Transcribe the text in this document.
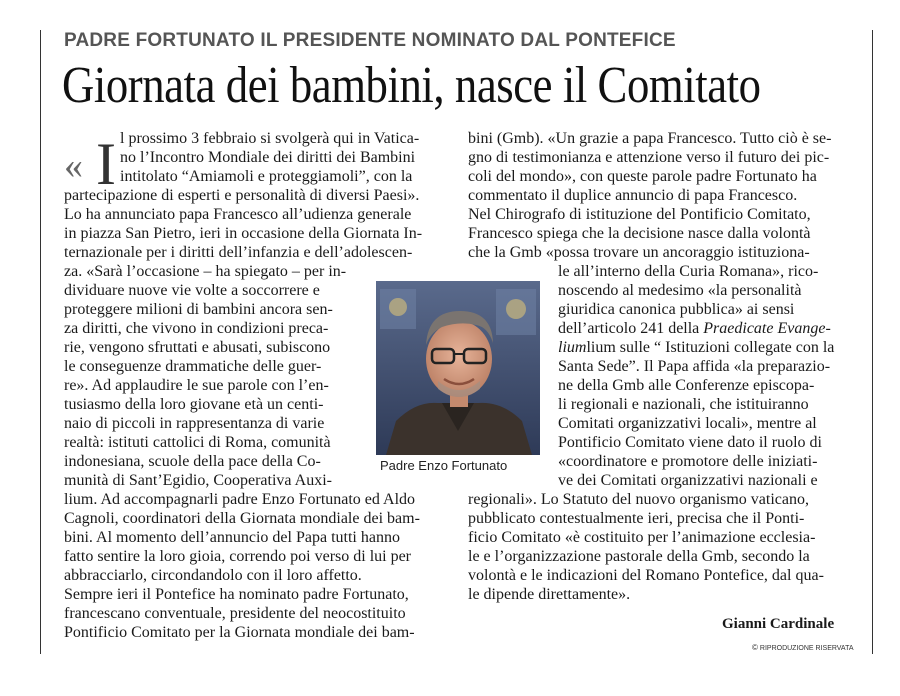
PADRE FORTUNATO IL PRESIDENTE NOMINATO DAL PONTEFICE
Giornata dei bambini, nasce il Comitato
« I l prossimo 3 febbraio si svolgerà qui in Vatica-
no l’Incontro Mondiale dei diritti dei Bambini
intitolato “Amiamoli e proteggiamoli”, con la
partecipazione di esperti e personalità di diversi Paesi».
Lo ha annunciato papa Francesco all’udienza generale
in piazza San Pietro, ieri in occasione della Giornata In-
ternazionale per i diritti dell’infanzia e dell’adolescen-
za. «Sarà l’occasione – ha spiegato – per in-
dividuare nuove vie volte a soccorrere e
proteggere milioni di bambini ancora sen-
za diritti, che vivono in condizioni preca-
rie, vengono sfruttati e abusati, subiscono
le conseguenze drammatiche delle guer-
re». Ad applaudire le sue parole con l’en-
tusiasmo della loro giovane età un centi-
naio di piccoli in rappresentanza di varie
realtà: istituti cattolici di Roma, comunità
indonesiana, scuole della pace della Co-
munità di Sant’Egidio, Cooperativa Auxi-
lium. Ad accompagnarli padre Enzo Fortunato ed Aldo
Cagnoli, coordinatori della Giornata mondiale dei bam-
bini. Al momento dell’annuncio del Papa tutti hanno
fatto sentire la loro gioia, correndo poi verso di lui per
abbracciarlo, circondandolo con il loro affetto.
Sempre ieri il Pontefice ha nominato padre Fortunato,
francescano conventuale, presidente del neocostituito
Pontificio Comitato per la Giornata mondiale dei bam-
bini (Gmb). «Un grazie a papa Francesco. Tutto ciò è se-
gno di testimonianza e attenzione verso il futuro dei pic-
coli del mondo», con queste parole padre Fortunato ha
commentato il duplice annuncio di papa Francesco.
Nel Chirografo di istituzione del Pontificio Comitato,
Francesco spiega che la decisione nasce dalla volontà
che la Gmb «possa trovare un ancoraggio istituziona-
le all’interno della Curia Romana», rico-
noscendo al medesimo «la personalità
giuridica canonica pubblica» ai sensi
dell’articolo 241 della Praedicate Evange-
liumlium sulle “ Istituzioni collegate con la
Santa Sede”. Il Papa affida «la preparazio-
ne della Gmb alle Conferenze episcopa-
li regionali e nazionali, che istituiranno
Comitati organizzativi locali», mentre al
Pontificio Comitato viene dato il ruolo di
«coordinatore e promotore delle iniziati-
ve dei Comitati organizzativi nazionali e
regionali». Lo Statuto del nuovo organismo vaticano,
pubblicato contestualmente ieri, precisa che il Ponti-
ficio Comitato «è costituito per l’animazione ecclesia-
le e l’organizzazione pastorale della Gmb, secondo la
volontà e le indicazioni del Romano Pontefice, dal qua-
le dipende direttamente».
Padre Enzo Fortunato
Gianni Cardinale
© RIPRODUZIONE RISERVATA
